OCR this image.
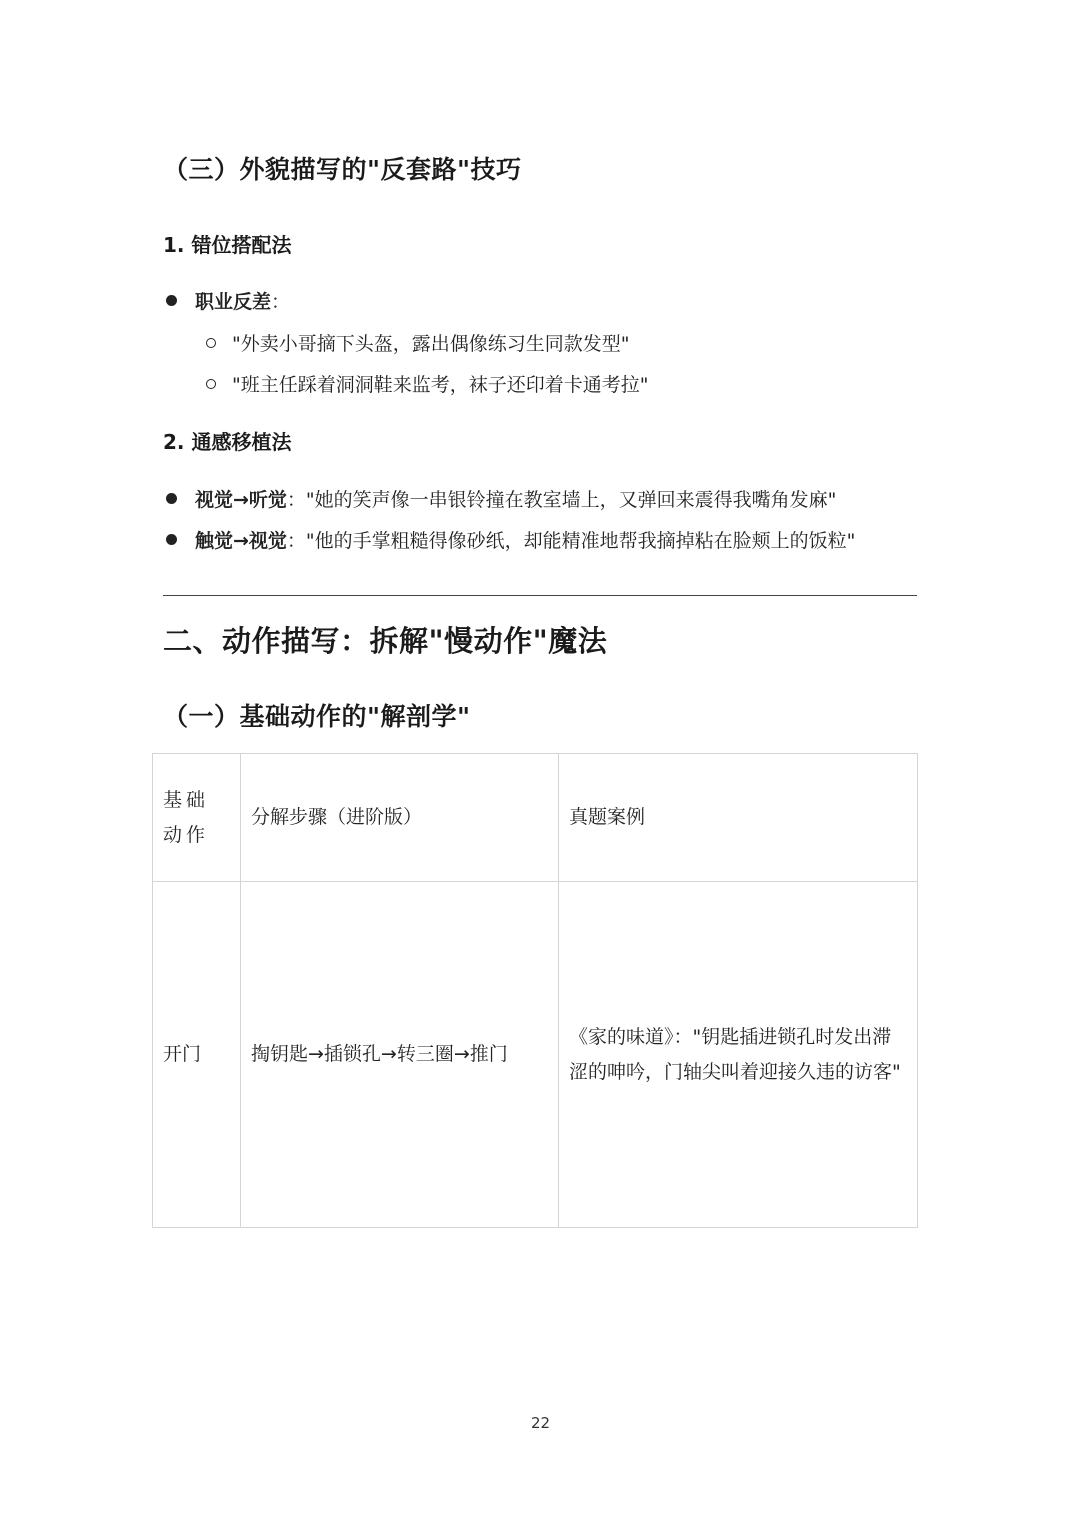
（三）外貌描写的"反套路"技巧
1. 错位搭配法
职业反差 ：
"外卖小哥摘下头盔，露出偶像练习生同款发型"
"班主任踩着洞洞鞋来监考，袜子还印着卡通考拉"
2. 通感移植法
视觉→听觉 ："她的笑声像一串银铃撞在教室墙上，又弹回来震得我嘴角发麻"
触觉→视觉 ："他的手掌粗糙得像砂纸，却能精准地帮我摘掉粘在脸颊上的饭粒"
二、动作描写：拆解"慢动作"魔法
（一）基础动作的"解剖学"
基础动作	分解步骤（进阶版）	真题案例
开门	掏钥匙→插锁孔→转三圈→推门	《家的味道》："钥匙插进锁孔时发出滞涩的呻吟，门轴尖叫着迎接久违的访客"
22
